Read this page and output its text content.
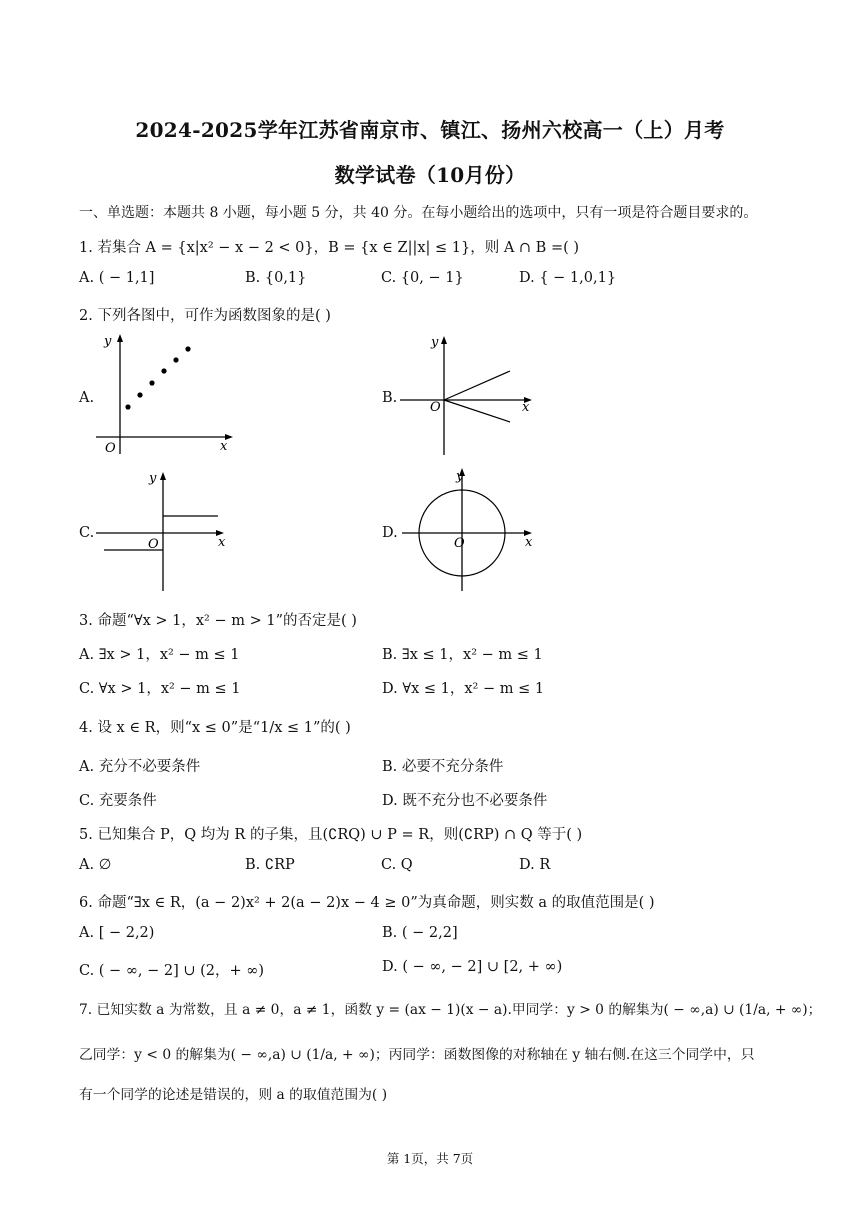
2024-2025学年江苏省南京市、镇江、扬州六校高一（上）月考
数学试卷（10月份）
一、单选题：本题共 8 小题，每小题 5 分，共 40 分。在每小题给出的选项中，只有一项是符合题目要求的。
1. 若集合 A = {x|x² − x − 2 < 0}，B = {x ∈ Z||x| ≤ 1}，则 A ∩ B =( )
A. ( − 1,1]	B. {0,1}	C. {0, − 1}	D. { − 1,0,1}
2. 下列各图中，可作为函数图象的是( )
A.	B.
C.	D.
y
x
O
y
x
O
y
x
O
y
x
O
3. 命题“∀x > 1，x² − m > 1”的否定是( )
A. ∃x > 1，x² − m ≤ 1	B. ∃x ≤ 1，x² − m ≤ 1
C. ∀x > 1，x² − m ≤ 1	D. ∀x ≤ 1，x² − m ≤ 1
4. 设 x ∈ R，则“x ≤ 0”是“1/x ≤ 1”的( )
A. 充分不必要条件	B. 必要不充分条件
C. 充要条件	D. 既不充分也不必要条件
5. 已知集合 P，Q 均为 R 的子集，且(∁RQ) ∪ P = R，则(∁RP) ∩ Q 等于( )
A. ∅	B. ∁RP	C. Q	D. R
6. 命题“∃x ∈ R，(a − 2)x² + 2(a − 2)x − 4 ≥ 0”为真命题，则实数 a 的取值范围是( )
A. [ − 2,2)	B. ( − 2,2]
C. ( − ∞, − 2] ∪ (2，+ ∞)	D. ( − ∞, − 2] ∪ [2, + ∞)
7. 已知实数 a 为常数，且 a ≠ 0，a ≠ 1，函数 y = (ax − 1)(x − a).甲同学：y > 0 的解集为( − ∞,a) ∪ (1/a, + ∞)；
乙同学：y < 0 的解集为( − ∞,a) ∪ (1/a, + ∞)；丙同学：函数图像的对称轴在 y 轴右侧.在这三个同学中，只
有一个同学的论述是错误的，则 a 的取值范围为( )
第 1页，共 7页
